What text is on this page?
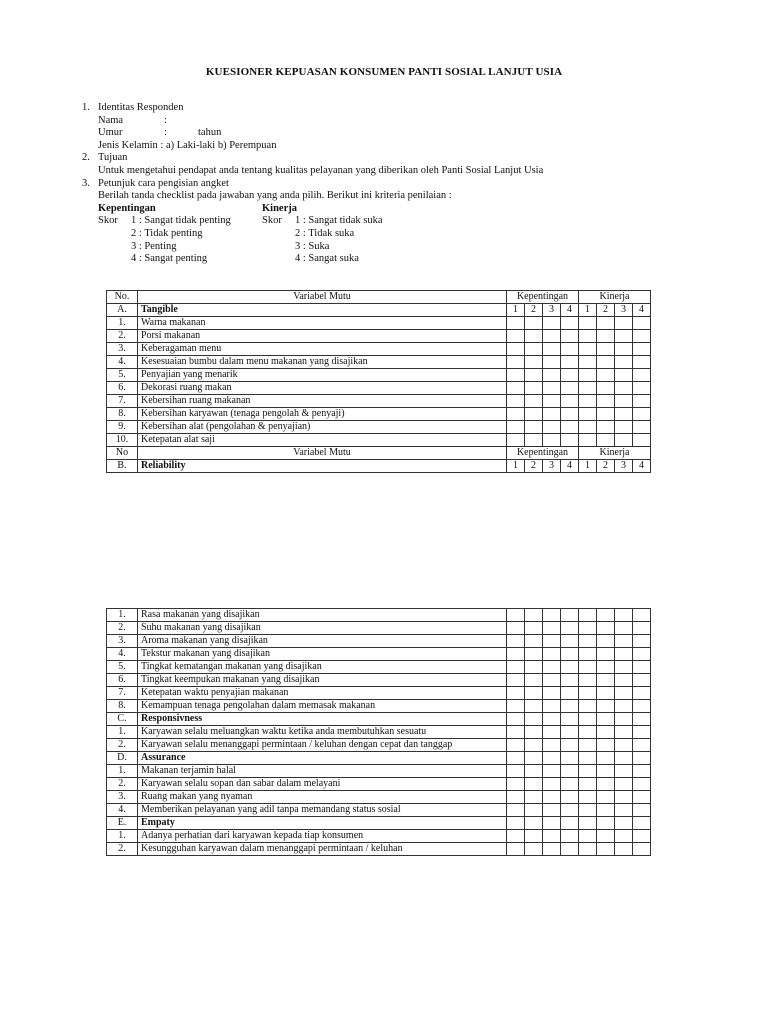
KUESIONER KEPUASAN KONSUMEN PANTI SOSIAL LANJUT USIA
1. Identitas Responden
Nama	:
Umur	:	tahun
Jenis Kelamin : a) Laki-laki b) Perempuan
2. Tujuan
Untuk mengetahui pendapat anda tentang kualitas pelayanan yang diberikan oleh Panti Sosial Lanjut Usia
3. Petunjuk cara pengisian angket
Berilah tanda checklist pada jawaban yang anda pilih. Berikut ini kriteria penilaian :
Kepentingan	Kinerja
Skor	1 : Sangat tidak penting	Skor	1 : Sangat tidak suka
2 : Tidak penting	2 : Tidak suka
3 : Penting	3 : Suka
4 : Sangat penting	4 : Sangat suka
No.	Variabel Mutu	Kepentingan				Kinerja			
A.	Tangible	1	2	3	4	1	2	3	4
1.	Warna makanan								
2.	Porsi makanan								
3.	Keberagaman menu								
4.	Kesesuaian bumbu dalam menu makanan yang disajikan								
5.	Penyajian yang menarik								
6.	Dekorasi ruang makan								
7.	Kebersihan ruang makanan								
8.	Kebersihan karyawan (tenaga pengolah & penyaji)								
9.	Kebersihan alat (pengolahan & penyajian)								
10.	Ketepatan alat saji								
No	Variabel Mutu	Kepentingan				Kinerja			
B.	Reliability	1	2	3	4	1	2	3	4
1.	Rasa makanan yang disajikan								
2.	Suhu makanan yang disajikan								
3.	Aroma makanan yang disajikan								
4.	Tekstur makanan yang disajikan								
5.	Tingkat kematangan makanan yang disajikan								
6.	Tingkat keempukan makanan yang disajikan								
7.	Ketepatan waktu penyajian makanan								
8.	Kemampuan tenaga pengolahan dalam memasak makanan								
C.	Responsivness								
1.	Karyawan selalu meluangkan waktu ketika anda membutuhkan sesuatu								
2.	Karyawan selalu menanggapi permintaan / keluhan dengan cepat dan tanggap								
D.	Assurance								
1.	Makanan terjamin halal								
2.	Karyawan selalu sopan dan sabar dalam melayani								
3.	Ruang makan yang nyaman								
4.	Memberikan pelayanan yang adil tanpa memandang status sosial								
E.	Empaty								
1.	Adanya perhatian dari karyawan kepada tiap konsumen								
2.	Kesungguhan karyawan dalam menanggapi permintaan / keluhan								
